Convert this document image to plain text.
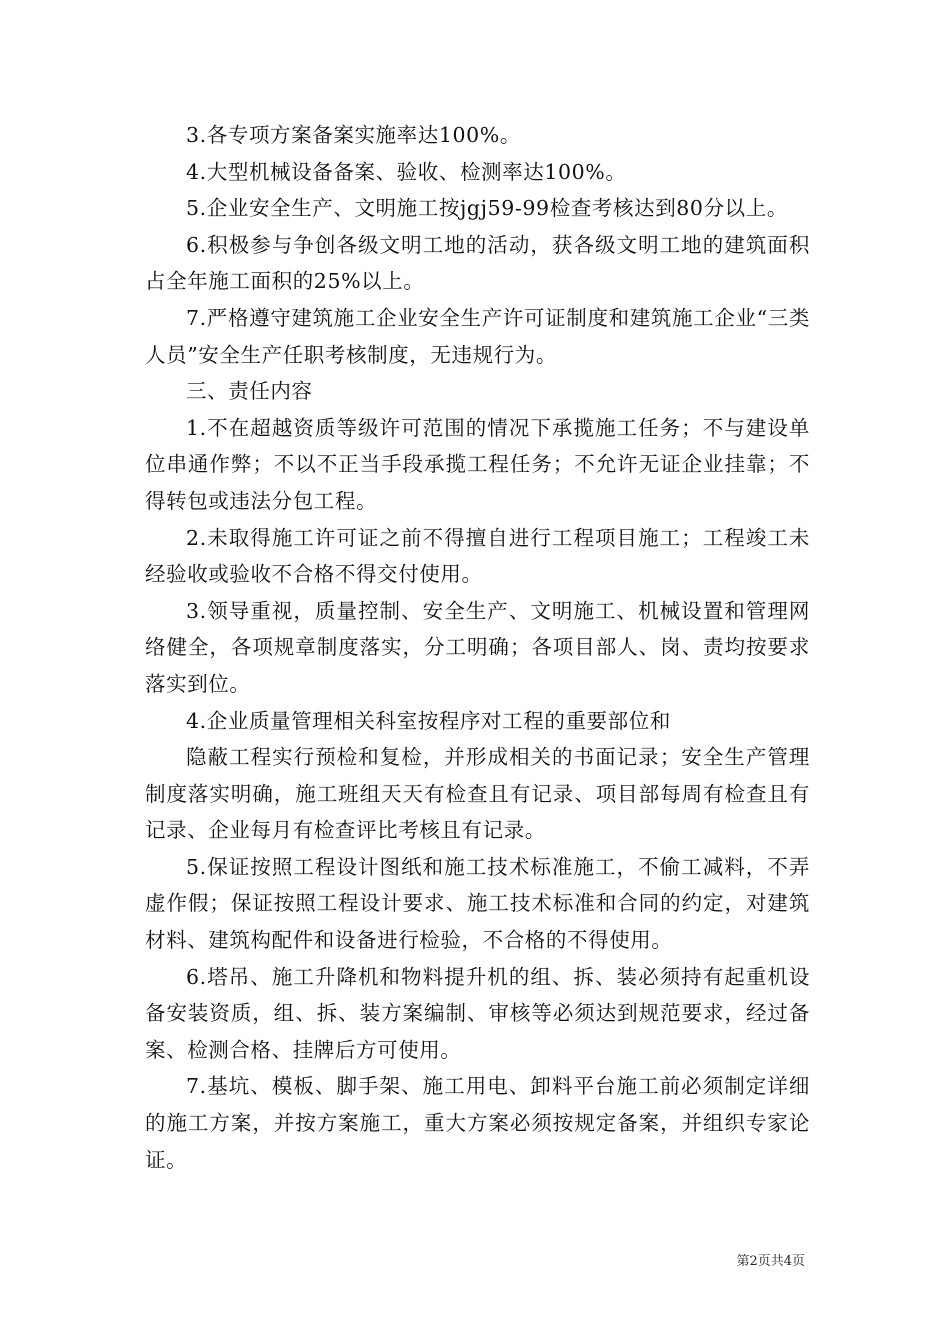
3.各专项方案备案实施率达100%。

4.大型机械设备备案、验收、检测率达100%。

5.企业安全生产、文明施工按jgj59-99检查考核达到80分以上。

6.积极参与争创各级文明工地的活动，获各级文明工地的建筑面积占全年施工面积的25%以上。

7.严格遵守建筑施工企业安全生产许可证制度和建筑施工企业“三类人员”安全生产任职考核制度，无违规行为。

三、责任内容

1.不在超越资质等级许可范围的情况下承揽施工任务；不与建设单位串通作弊；不以不正当手段承揽工程任务；不允许无证企业挂靠；不得转包或违法分包工程。

2.未取得施工许可证之前不得擅自进行工程项目施工；工程竣工未经验收或验收不合格不得交付使用。

3.领导重视，质量控制、安全生产、文明施工、机械设置和管理网络健全，各项规章制度落实，分工明确；各项目部人、岗、责均按要求落实到位。

4.企业质量管理相关科室按程序对工程的重要部位和

隐蔽工程实行预检和复检，并形成相关的书面记录；安全生产管理制度落实明确，施工班组天天有检查且有记录、项目部每周有检查且有记录、企业每月有检查评比考核且有记录。

5.保证按照工程设计图纸和施工技术标准施工，不偷工减料，不弄虚作假；保证按照工程设计要求、施工技术标准和合同的约定，对建筑材料、建筑构配件和设备进行检验，不合格的不得使用。

6.塔吊、施工升降机和物料提升机的组、拆、装必须持有起重机设备安装资质，组、拆、装方案编制、审核等必须达到规范要求，经过备案、检测合格、挂牌后方可使用。

7.基坑、模板、脚手架、施工用电、卸料平台施工前必须制定详细的施工方案，并按方案施工，重大方案必须按规定备案，并组织专家论证。

第2页共4页
